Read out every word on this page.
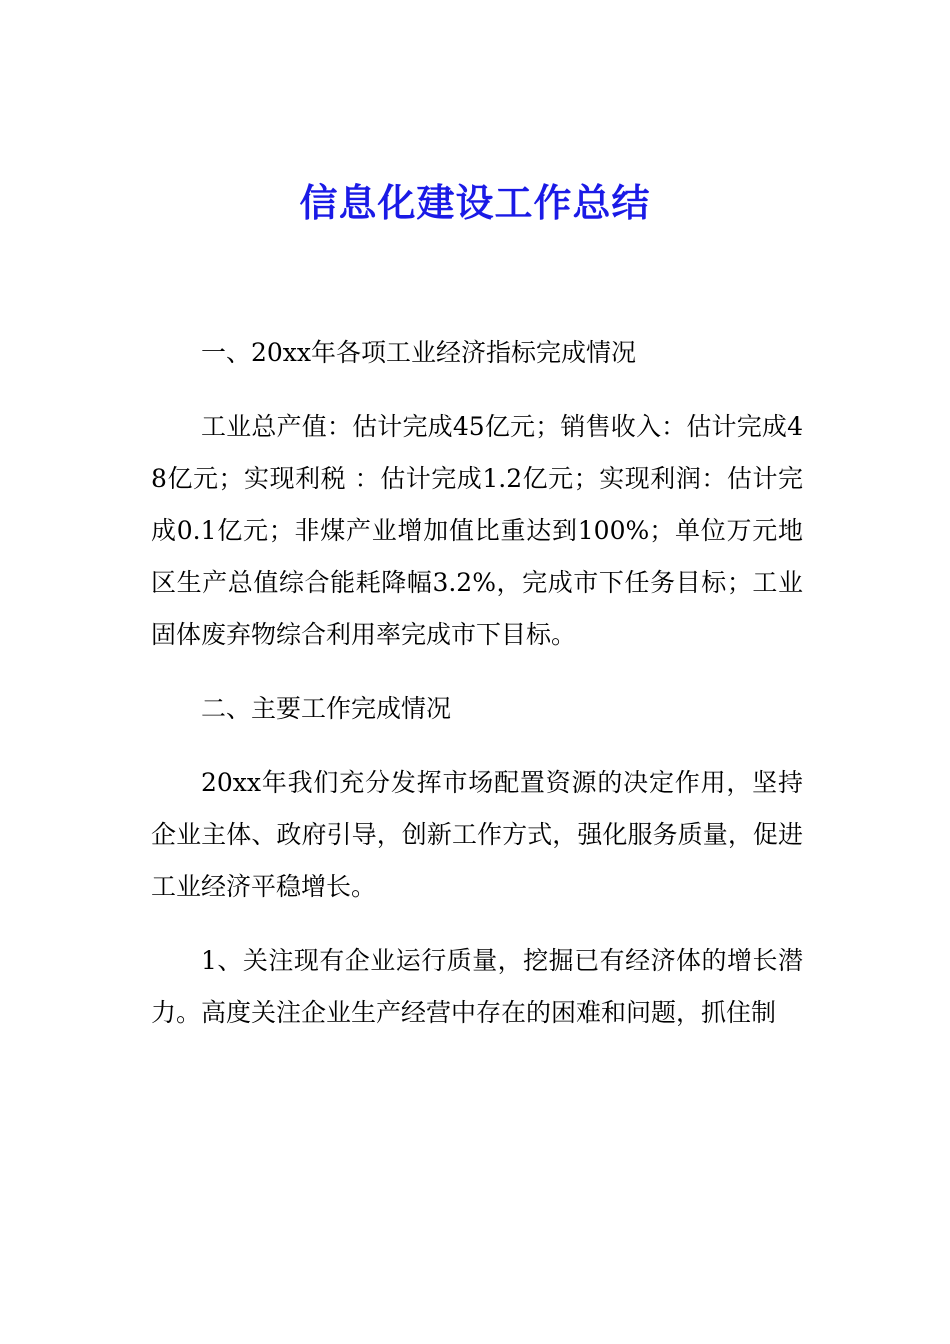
信息化建设工作总结

一、20xx年各项工业经济指标完成情况

工业总产值：估计完成45亿元；销售收入：估计完成48亿元；实现利税 ：估计完成1.2亿元；实现利润：估计完成0.1亿元；非煤产业增加值比重达到100%；单位万元地区生产总值综合能耗降幅3.2%，完成市下任务目标；工业固体废弃物综合利用率完成市下目标。

二、主要工作完成情况

20xx年我们充分发挥市场配置资源的决定作用，坚持企业主体、政府引导，创新工作方式，强化服务质量，促进工业经济平稳增长。

1、关注现有企业运行质量，挖掘已有经济体的增长潜力。高度关注企业生产经营中存在的困难和问题，抓住制
